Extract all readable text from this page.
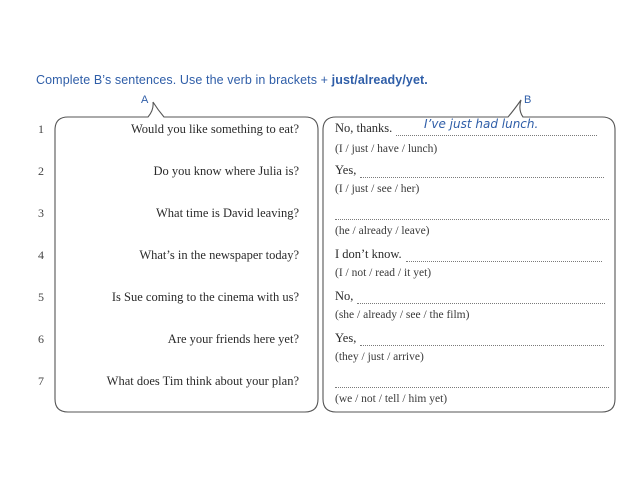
Complete B’s sentences. Use the verb in brackets + just/already/yet.
A	B
1	Would you like something to eat?	No, thanks.	I’ve just had lunch.
(I / just / have / lunch)
2	Do you know where Julia is?	Yes,
(I / just / see / her)
3	What time is David leaving?
(he / already / leave)
4	What’s in the newspaper today?	I don’t know.
(I / not / read / it yet)
5	Is Sue coming to the cinema with us?	No,
(she / already / see / the film)
6	Are your friends here yet?	Yes,
(they / just / arrive)
7	What does Tim think about your plan?
(we / not / tell / him yet)
